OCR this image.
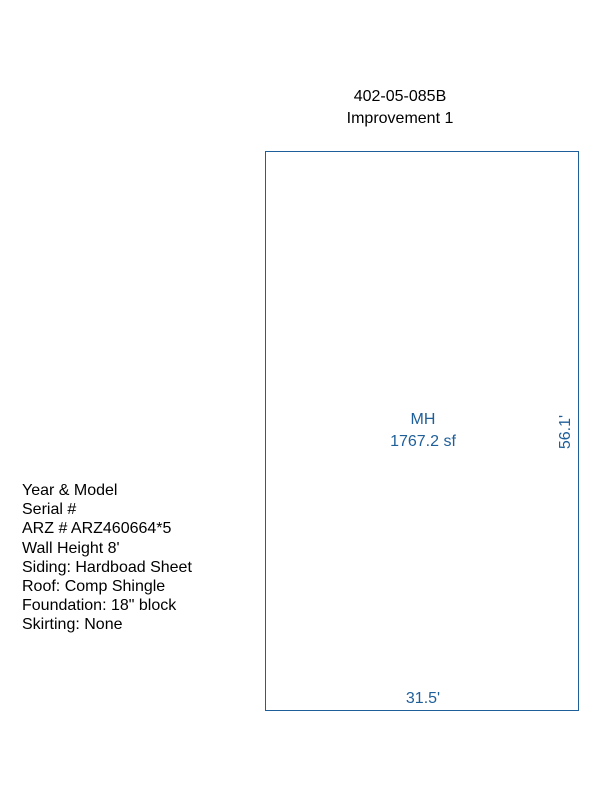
402-05-085B
Improvement 1
Year & Model
Serial #
ARZ # ARZ460664*5
Wall Height 8'
Siding: Hardboad Sheet
Roof: Comp Shingle
Foundation: 18" block
Skirting: None
MH
1767.2 sf
31.5'
56.1'
